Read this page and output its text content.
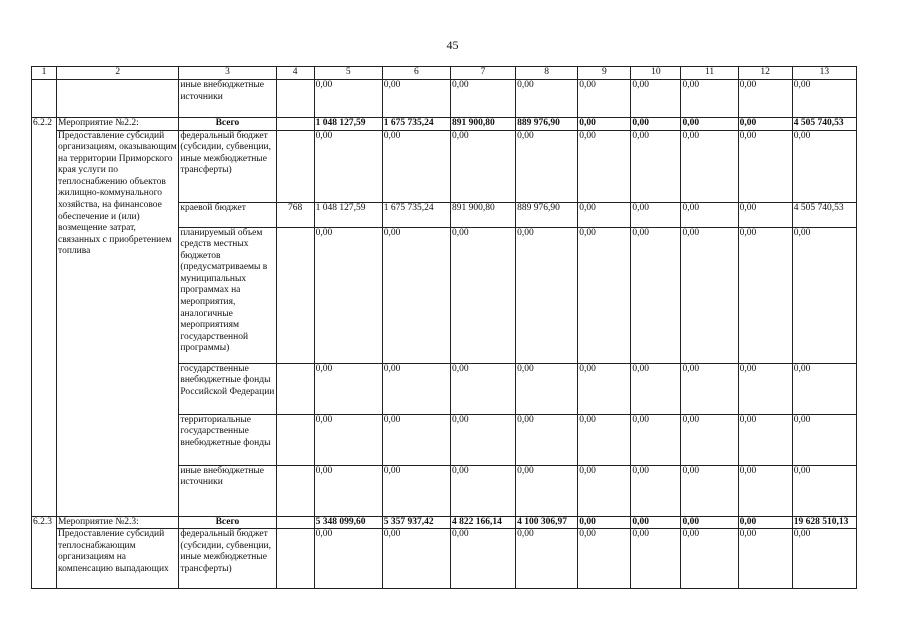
45
1	2	3	4	5	6	7	8	9	10	11	12	13
		иные внебюджетные источники		0,00	0,00	0,00	0,00	0,00	0,00	0,00	0,00	0,00
6.2.2	Мероприятие №2.2:	Всего		1 048 127,59	1 675 735,24	891 900,80	889 976,90	0,00	0,00	0,00	0,00	4 505 740,53
	Предоставление субсидий организациям, оказывающим на территории Приморского края услуги по теплоснабжению объектов жилищно-коммунального хозяйства, на финансовое обеспечение и (или) возмещение затрат, связанных с приобретением топлива	федеральный бюджет (субсидии, субвенции, иные межбюджетные трансферты)		0,00	0,00	0,00	0,00	0,00	0,00	0,00	0,00	0,00
		краевой бюджет	768	1 048 127,59	1 675 735,24	891 900,80	889 976,90	0,00	0,00	0,00	0,00	4 505 740,53
		планируемый объем средств местных бюджетов (предусматриваемы в муниципальных программах на мероприятия, аналогичные мероприятиям государственной программы)		0,00	0,00	0,00	0,00	0,00	0,00	0,00	0,00	0,00
		государственные внебюджетные фонды Российской Федерации		0,00	0,00	0,00	0,00	0,00	0,00	0,00	0,00	0,00
		территориальные государственные внебюджетные фонды		0,00	0,00	0,00	0,00	0,00	0,00	0,00	0,00	0,00
		иные внебюджетные источники		0,00	0,00	0,00	0,00	0,00	0,00	0,00	0,00	0,00
6.2.3	Мероприятие №2.3:	Всего		5 348 099,60	5 357 937,42	4 822 166,14	4 100 306,97	0,00	0,00	0,00	0,00	19 628 510,13
	Предоставление субсидий теплоснабжающим организациям на компенсацию выпадающих	федеральный бюджет (субсидии, субвенции, иные межбюджетные трансферты)		0,00	0,00	0,00	0,00	0,00	0,00	0,00	0,00	0,00
